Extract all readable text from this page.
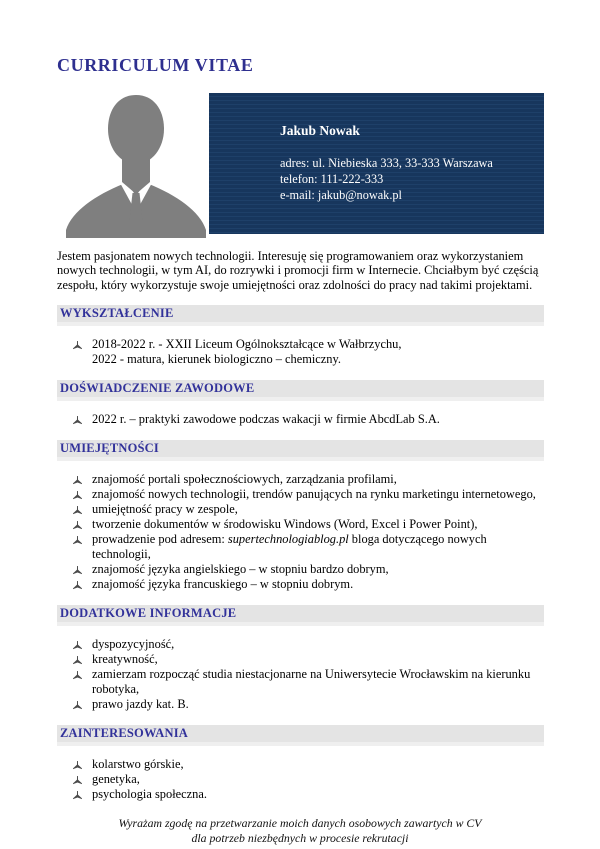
CURRICULUM VITAE

Jakub Nowak

adres: ul. Niebieska 333, 33-333 Warszawa

telefon: 111-222-333

e-mail: jakub@nowak.pl

Jestem pasjonatem nowych technologii. Interesuję się programowaniem oraz wykorzystaniem nowych technologii, w tym AI, do rozrywki i promocji firm w Internecie. Chciałbym być częścią zespołu, który wykorzystuje swoje umiejętności oraz zdolności do pracy nad takimi projektami.

WYKSZTAŁCENIE
2018-2022 r. - XXII Liceum Ogólnokształcące w Wałbrzychu,
2022 - matura, kierunek biologiczno – chemiczny.
DOŚWIADCZENIE ZAWODOWE
2022 r. – praktyki zawodowe podczas wakacji w firmie AbcdLab S.A.
UMIEJĘTNOŚCI
znajomość portali społecznościowych, zarządzania profilami,
znajomość nowych technologii, trendów panujących na rynku marketingu internetowego,
umiejętność pracy w zespole,
tworzenie dokumentów w środowisku Windows (Word, Excel i Power Point),
prowadzenie pod adresem: supertechnologiablog.pl bloga dotyczącego nowych technologii,
znajomość języka angielskiego – w stopniu bardzo dobrym,
znajomość języka francuskiego – w stopniu dobrym.
DODATKOWE INFORMACJE
dyspozycyjność,
kreatywność,
zamierzam rozpocząć studia niestacjonarne na Uniwersytecie Wrocławskim na kierunku robotyka,
prawo jazdy kat. B.
ZAINTERESOWANIA
kolarstwo górskie,
genetyka,
psychologia społeczna.

Wyrażam zgodę na przetwarzanie moich danych osobowych zawartych w CV
dla potrzeb niezbędnych w procesie rekrutacji
